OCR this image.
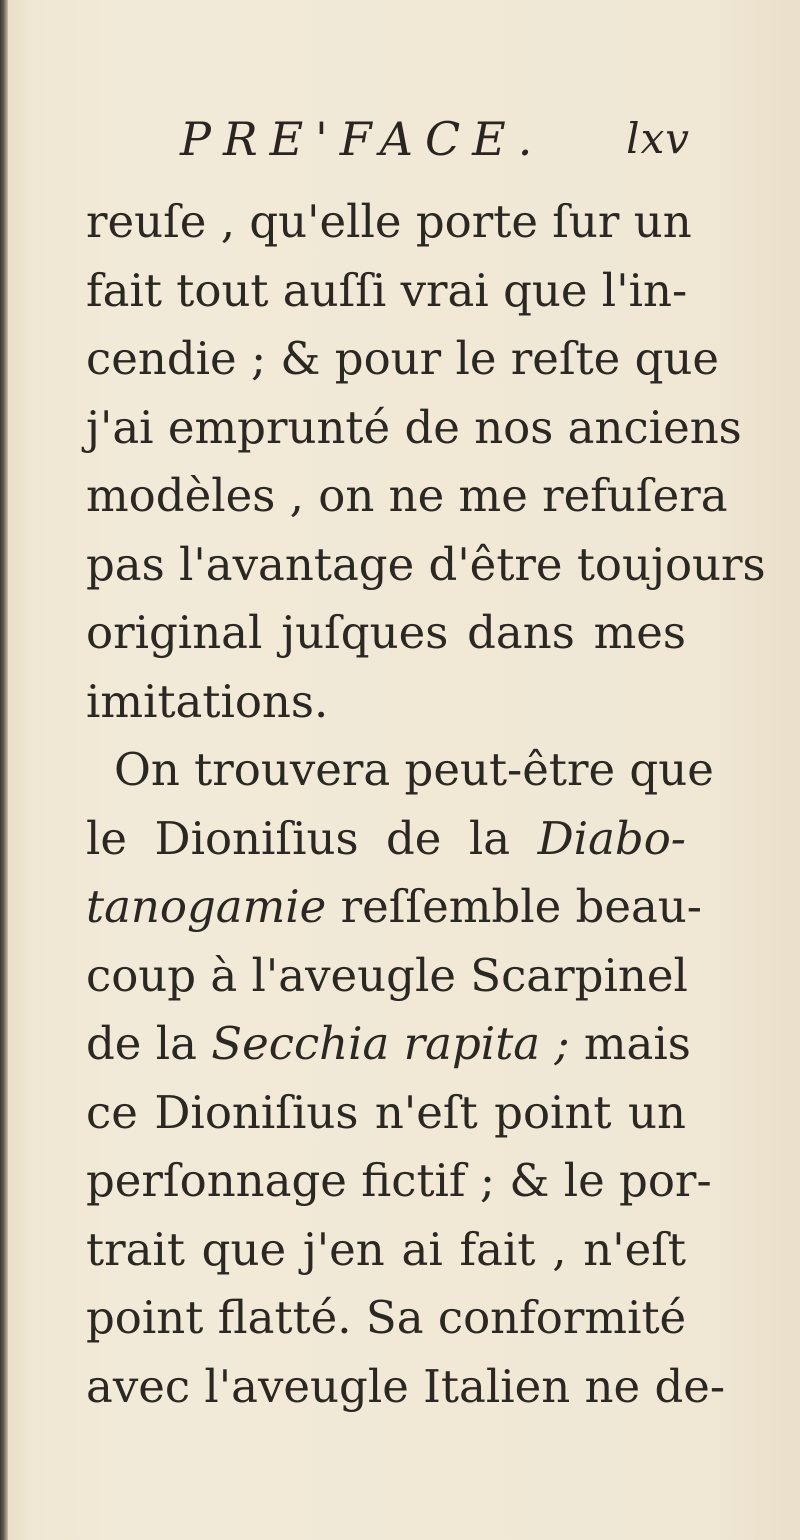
PRE'FACE. lxv
reuſe , qu'elle porte ſur un
fait tout auſſi vrai que l'in-
cendie ; & pour le reſte que
j'ai emprunté de nos anciens
modèles , on ne me refuſera
pas l'avantage d'être toujours
original juſques dans mes
imitations.
On trouvera peut-être que
le Dioniſius de la Diabo-
tanogamie reſſemble beau-
coup à l'aveugle Scarpinel
de la Secchia rapita ; mais
ce Dioniſius n'eſt point un
perſonnage fictif ; & le por-
trait que j'en ai fait , n'eſt
point flatté. Sa conformité
avec l'aveugle Italien ne de-
